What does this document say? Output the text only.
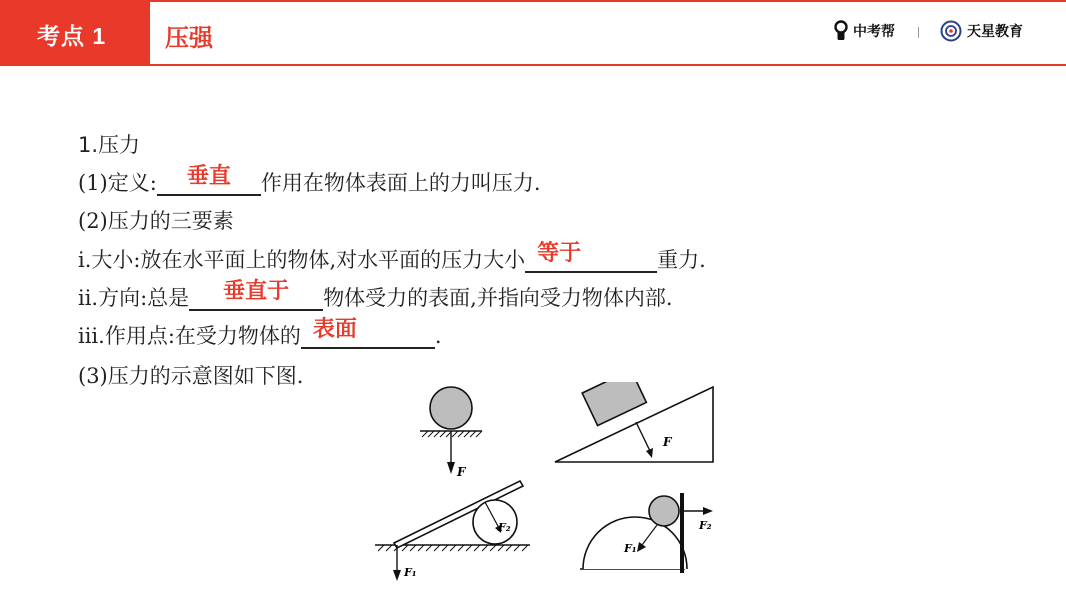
考点 1 压强	中考帮	天星教育
1.压力
(1)定义:	垂直	作用在物体表面上的力叫压力.
(2)压力的三要素
ⅰ.大小:放在水平面上的物体,对水平面的压力大小 等于	重力.
ⅱ.方向:总是	垂直于	物体受力的表面,并指向受力物体内部.
ⅲ.作用点:在受力物体的 表面	.
(3)压力的示意图如下图.
F
F
F₂
F₁
F₂
F₁
